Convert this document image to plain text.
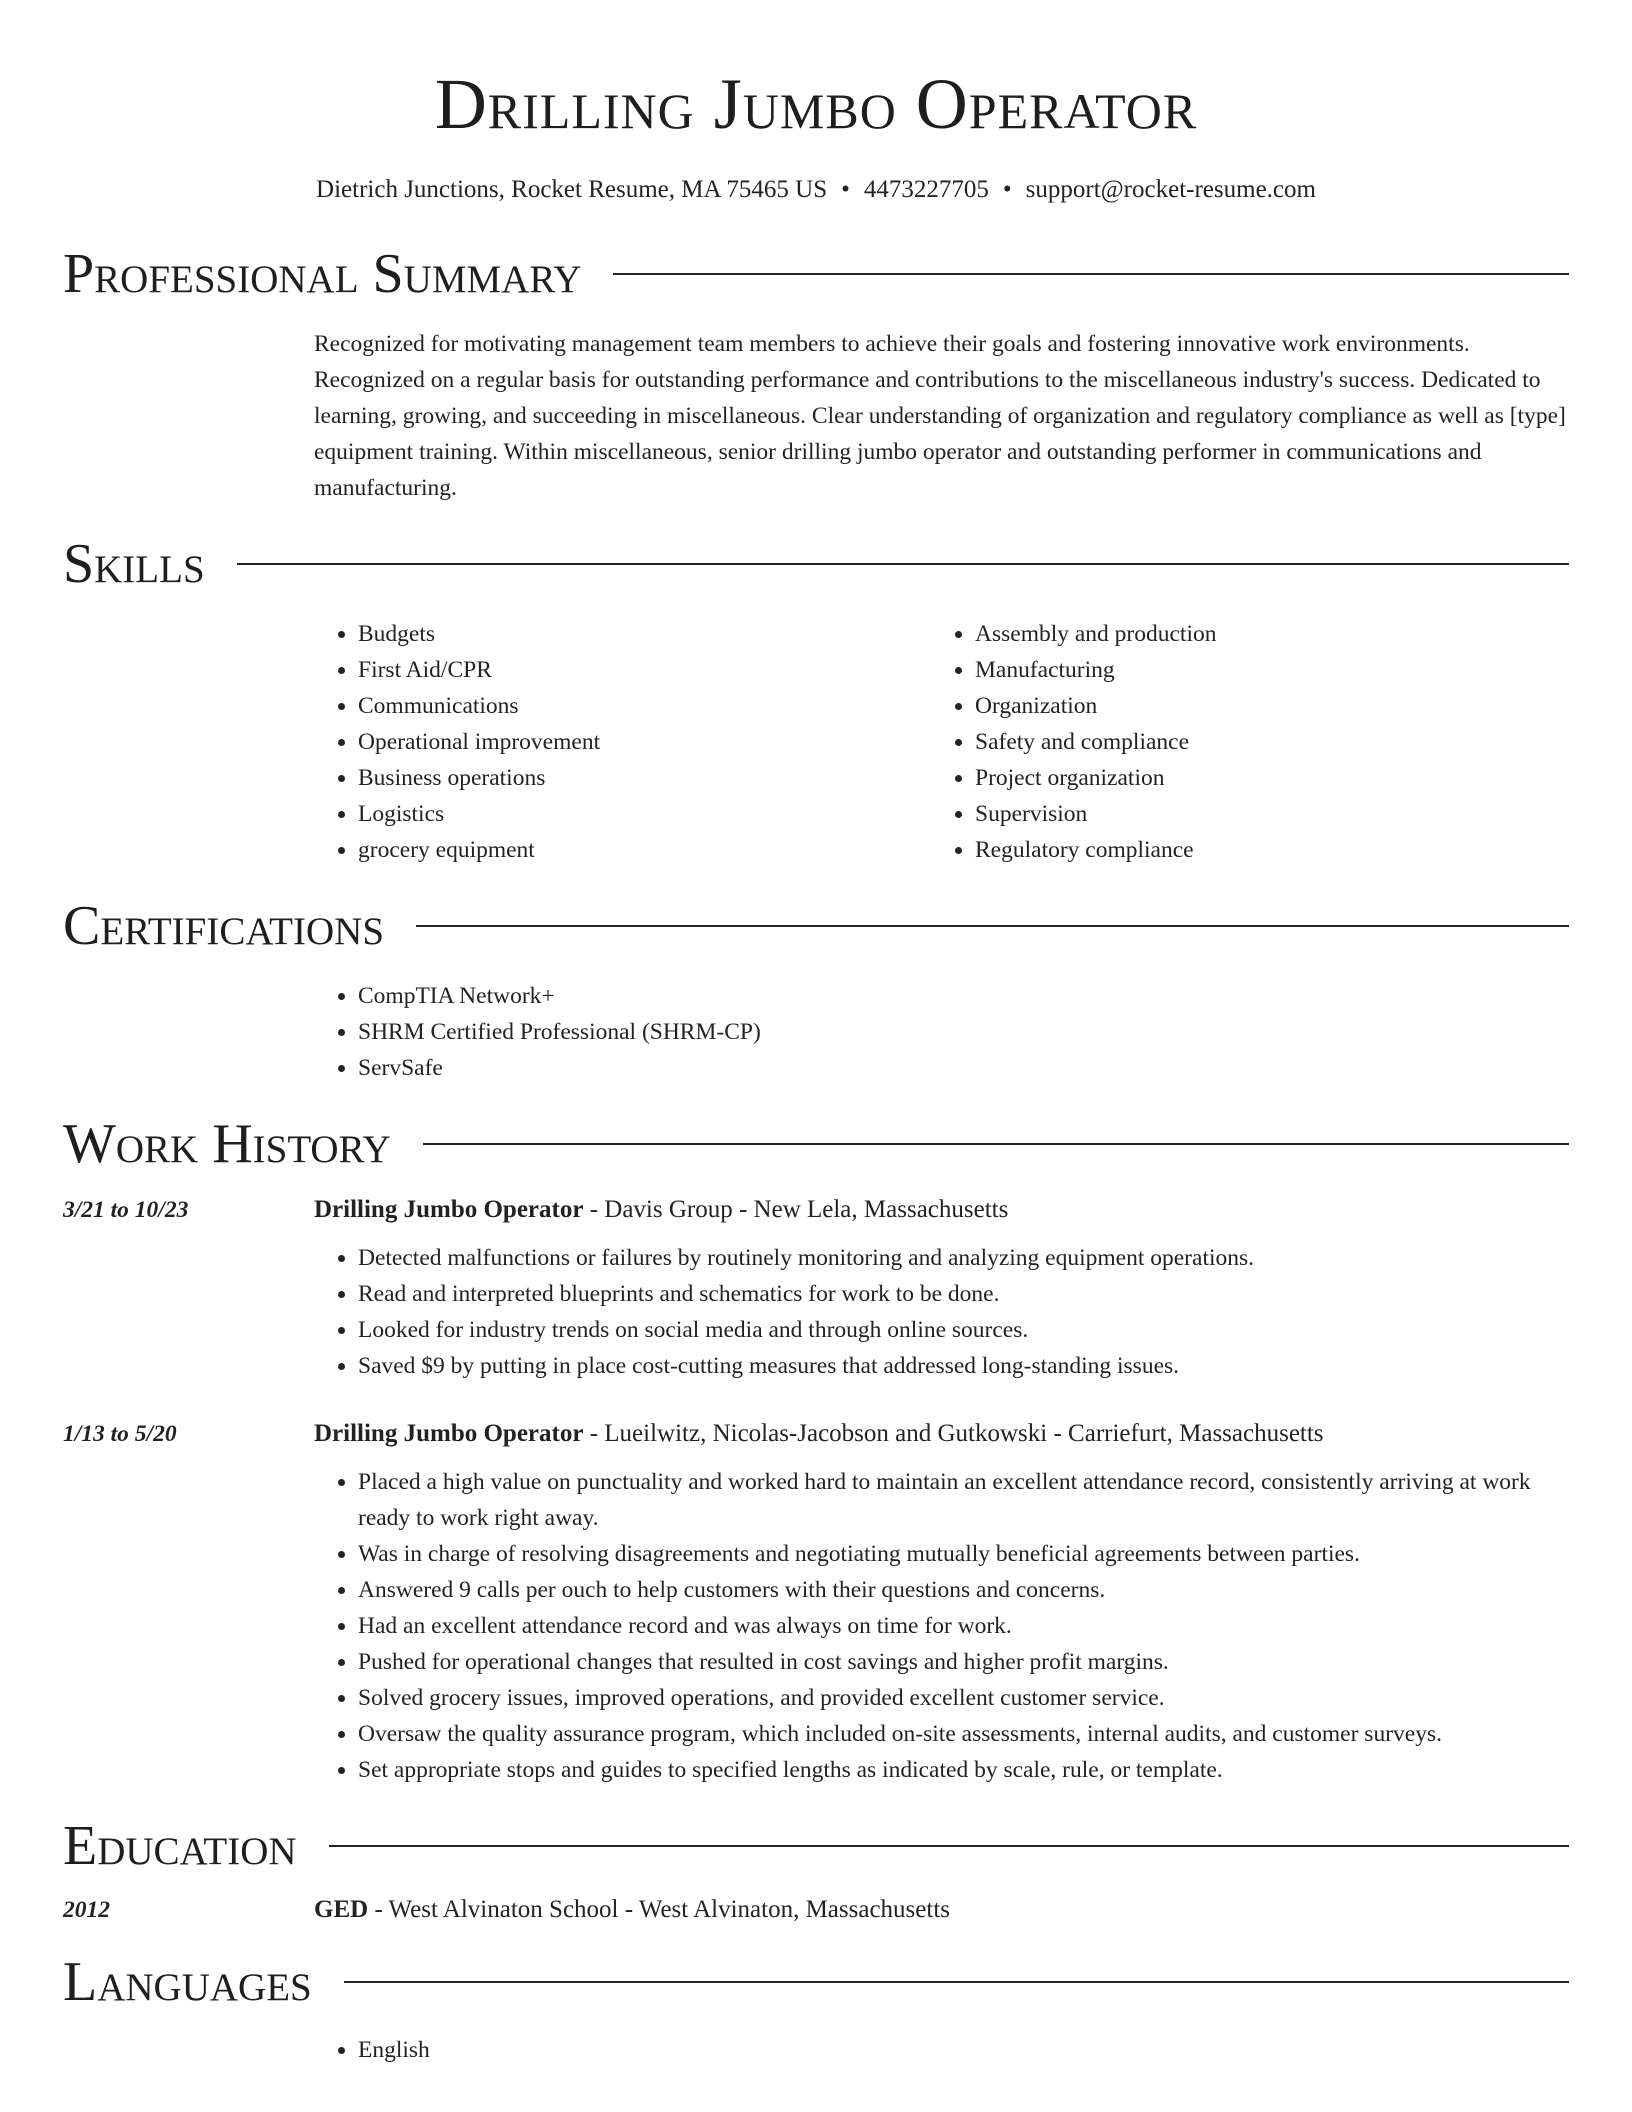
Drilling Jumbo Operator
Dietrich Junctions, Rocket Resume, MA 75465 US • 4473227705 • support@rocket-resume.com
Professional Summary
Recognized for motivating management team members to achieve their goals and fostering innovative work environments. Recognized on a regular basis for outstanding performance and contributions to the miscellaneous industry's success. Dedicated to learning, growing, and succeeding in miscellaneous. Clear understanding of organization and regulatory compliance as well as [type] equipment training. Within miscellaneous, senior drilling jumbo operator and outstanding performer in communications and manufacturing.
Skills
• Budgets
• First Aid/CPR
• Communications
• Operational improvement
• Business operations
• Logistics
• grocery equipment
• Assembly and production
• Manufacturing
• Organization
• Safety and compliance
• Project organization
• Supervision
• Regulatory compliance
Certifications
• CompTIA Network+
• SHRM Certified Professional (SHRM-CP)
• ServSafe
Work History
3/21 to 10/23	Drilling Jumbo Operator - Davis Group - New Lela, Massachusetts
• Detected malfunctions or failures by routinely monitoring and analyzing equipment operations.
• Read and interpreted blueprints and schematics for work to be done.
• Looked for industry trends on social media and through online sources.
• Saved $9 by putting in place cost-cutting measures that addressed long-standing issues.
1/13 to 5/20	Drilling Jumbo Operator - Lueilwitz, Nicolas-Jacobson and Gutkowski - Carriefurt, Massachusetts
• Placed a high value on punctuality and worked hard to maintain an excellent attendance record, consistently arriving at work ready to work right away.
• Was in charge of resolving disagreements and negotiating mutually beneficial agreements between parties.
• Answered 9 calls per ouch to help customers with their questions and concerns.
• Had an excellent attendance record and was always on time for work.
• Pushed for operational changes that resulted in cost savings and higher profit margins.
• Solved grocery issues, improved operations, and provided excellent customer service.
• Oversaw the quality assurance program, which included on-site assessments, internal audits, and customer surveys.
• Set appropriate stops and guides to specified lengths as indicated by scale, rule, or template.
Education
2012	GED - West Alvinaton School - West Alvinaton, Massachusetts
Languages
• English
